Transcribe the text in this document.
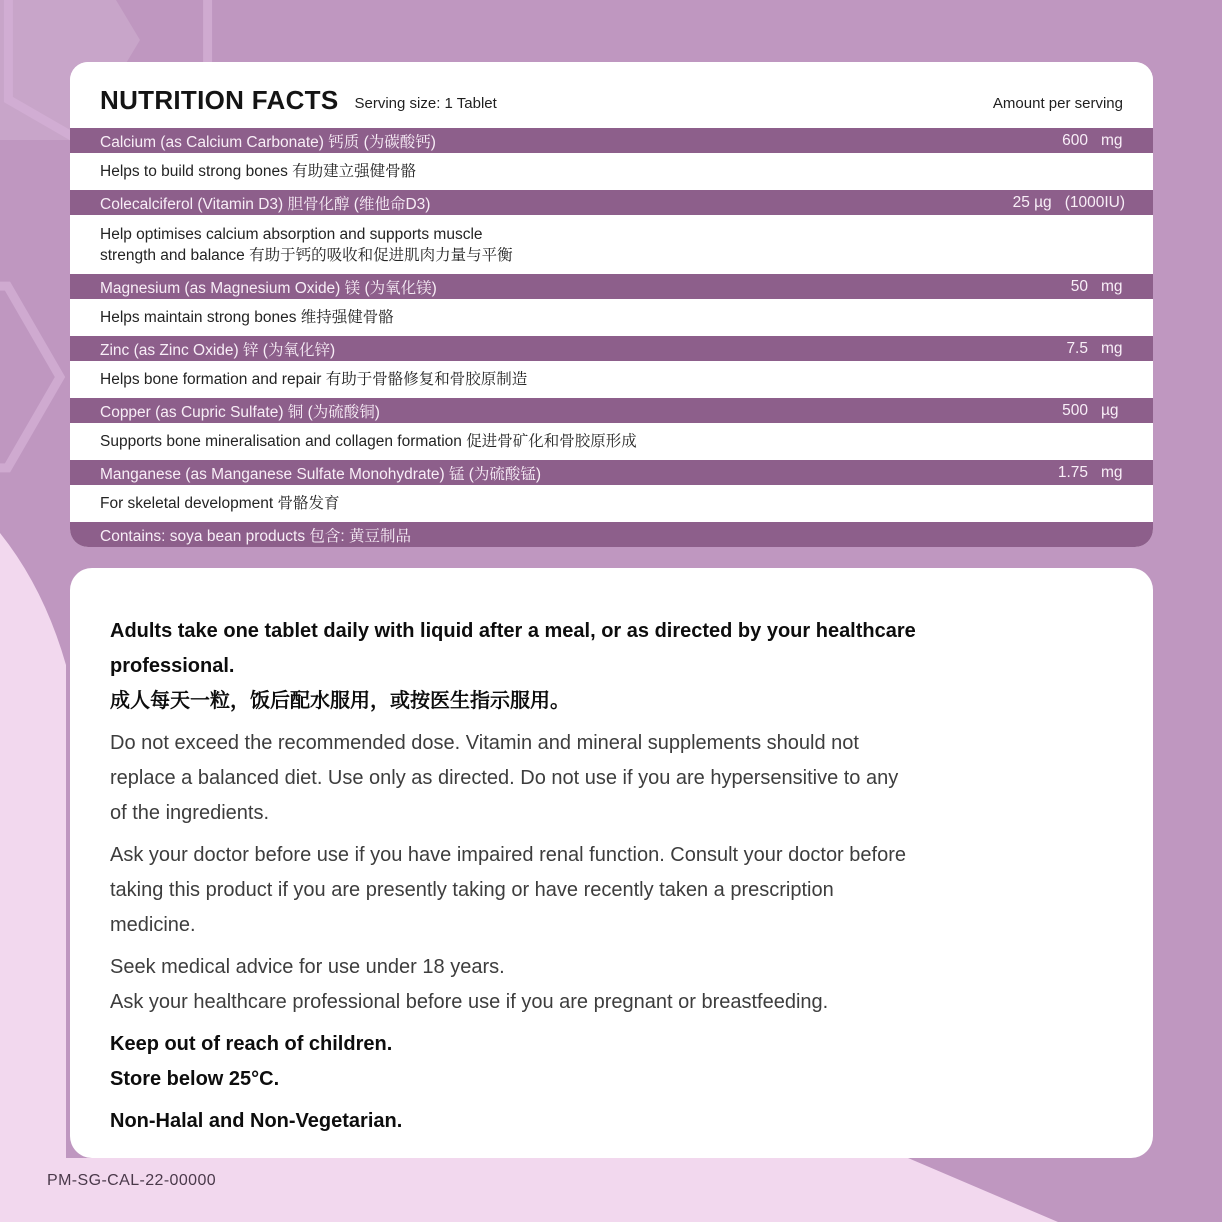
NUTRITION FACTS Serving size: 1 Tablet	Amount per serving
Calcium (as Calcium Carbonate) 钙质 (为碳酸钙)	600 mg
Helps to build strong bones 有助建立强健骨骼
Colecalciferol (Vitamin D3) 胆骨化醇 (维他命D3)	25 µg (1000IU)
Help optimises calcium absorption and supports muscle
strength and balance 有助于钙的吸收和促进肌肉力量与平衡
Magnesium (as Magnesium Oxide) 镁 (为氧化镁)	50 mg
Helps maintain strong bones 维持强健骨骼
Zinc (as Zinc Oxide) 锌 (为氧化锌)	7.5 mg
Helps bone formation and repair 有助于骨骼修复和骨胶原制造
Copper (as Cupric Sulfate) 铜 (为硫酸铜)	500 µg
Supports bone mineralisation and collagen formation 促进骨矿化和骨胶原形成
Manganese (as Manganese Sulfate Monohydrate) 锰 (为硫酸锰)	1.75 mg
For skeletal development 骨骼发育
Contains: soya bean products 包含: 黄豆制品
Adults take one tablet daily with liquid after a meal, or as directed by your healthcare
professional.
成人每天一粒，饭后配水服用，或按医生指示服用。
Do not exceed the recommended dose. Vitamin and mineral supplements should not
replace a balanced diet. Use only as directed. Do not use if you are hypersensitive to any
of the ingredients.
Ask your doctor before use if you have impaired renal function. Consult your doctor before
taking this product if you are presently taking or have recently taken a prescription
medicine.
Seek medical advice for use under 18 years.
Ask your healthcare professional before use if you are pregnant or breastfeeding.
Keep out of reach of children.
Store below 25°C.
Non-Halal and Non-Vegetarian.
PM-SG-CAL-22-00000
